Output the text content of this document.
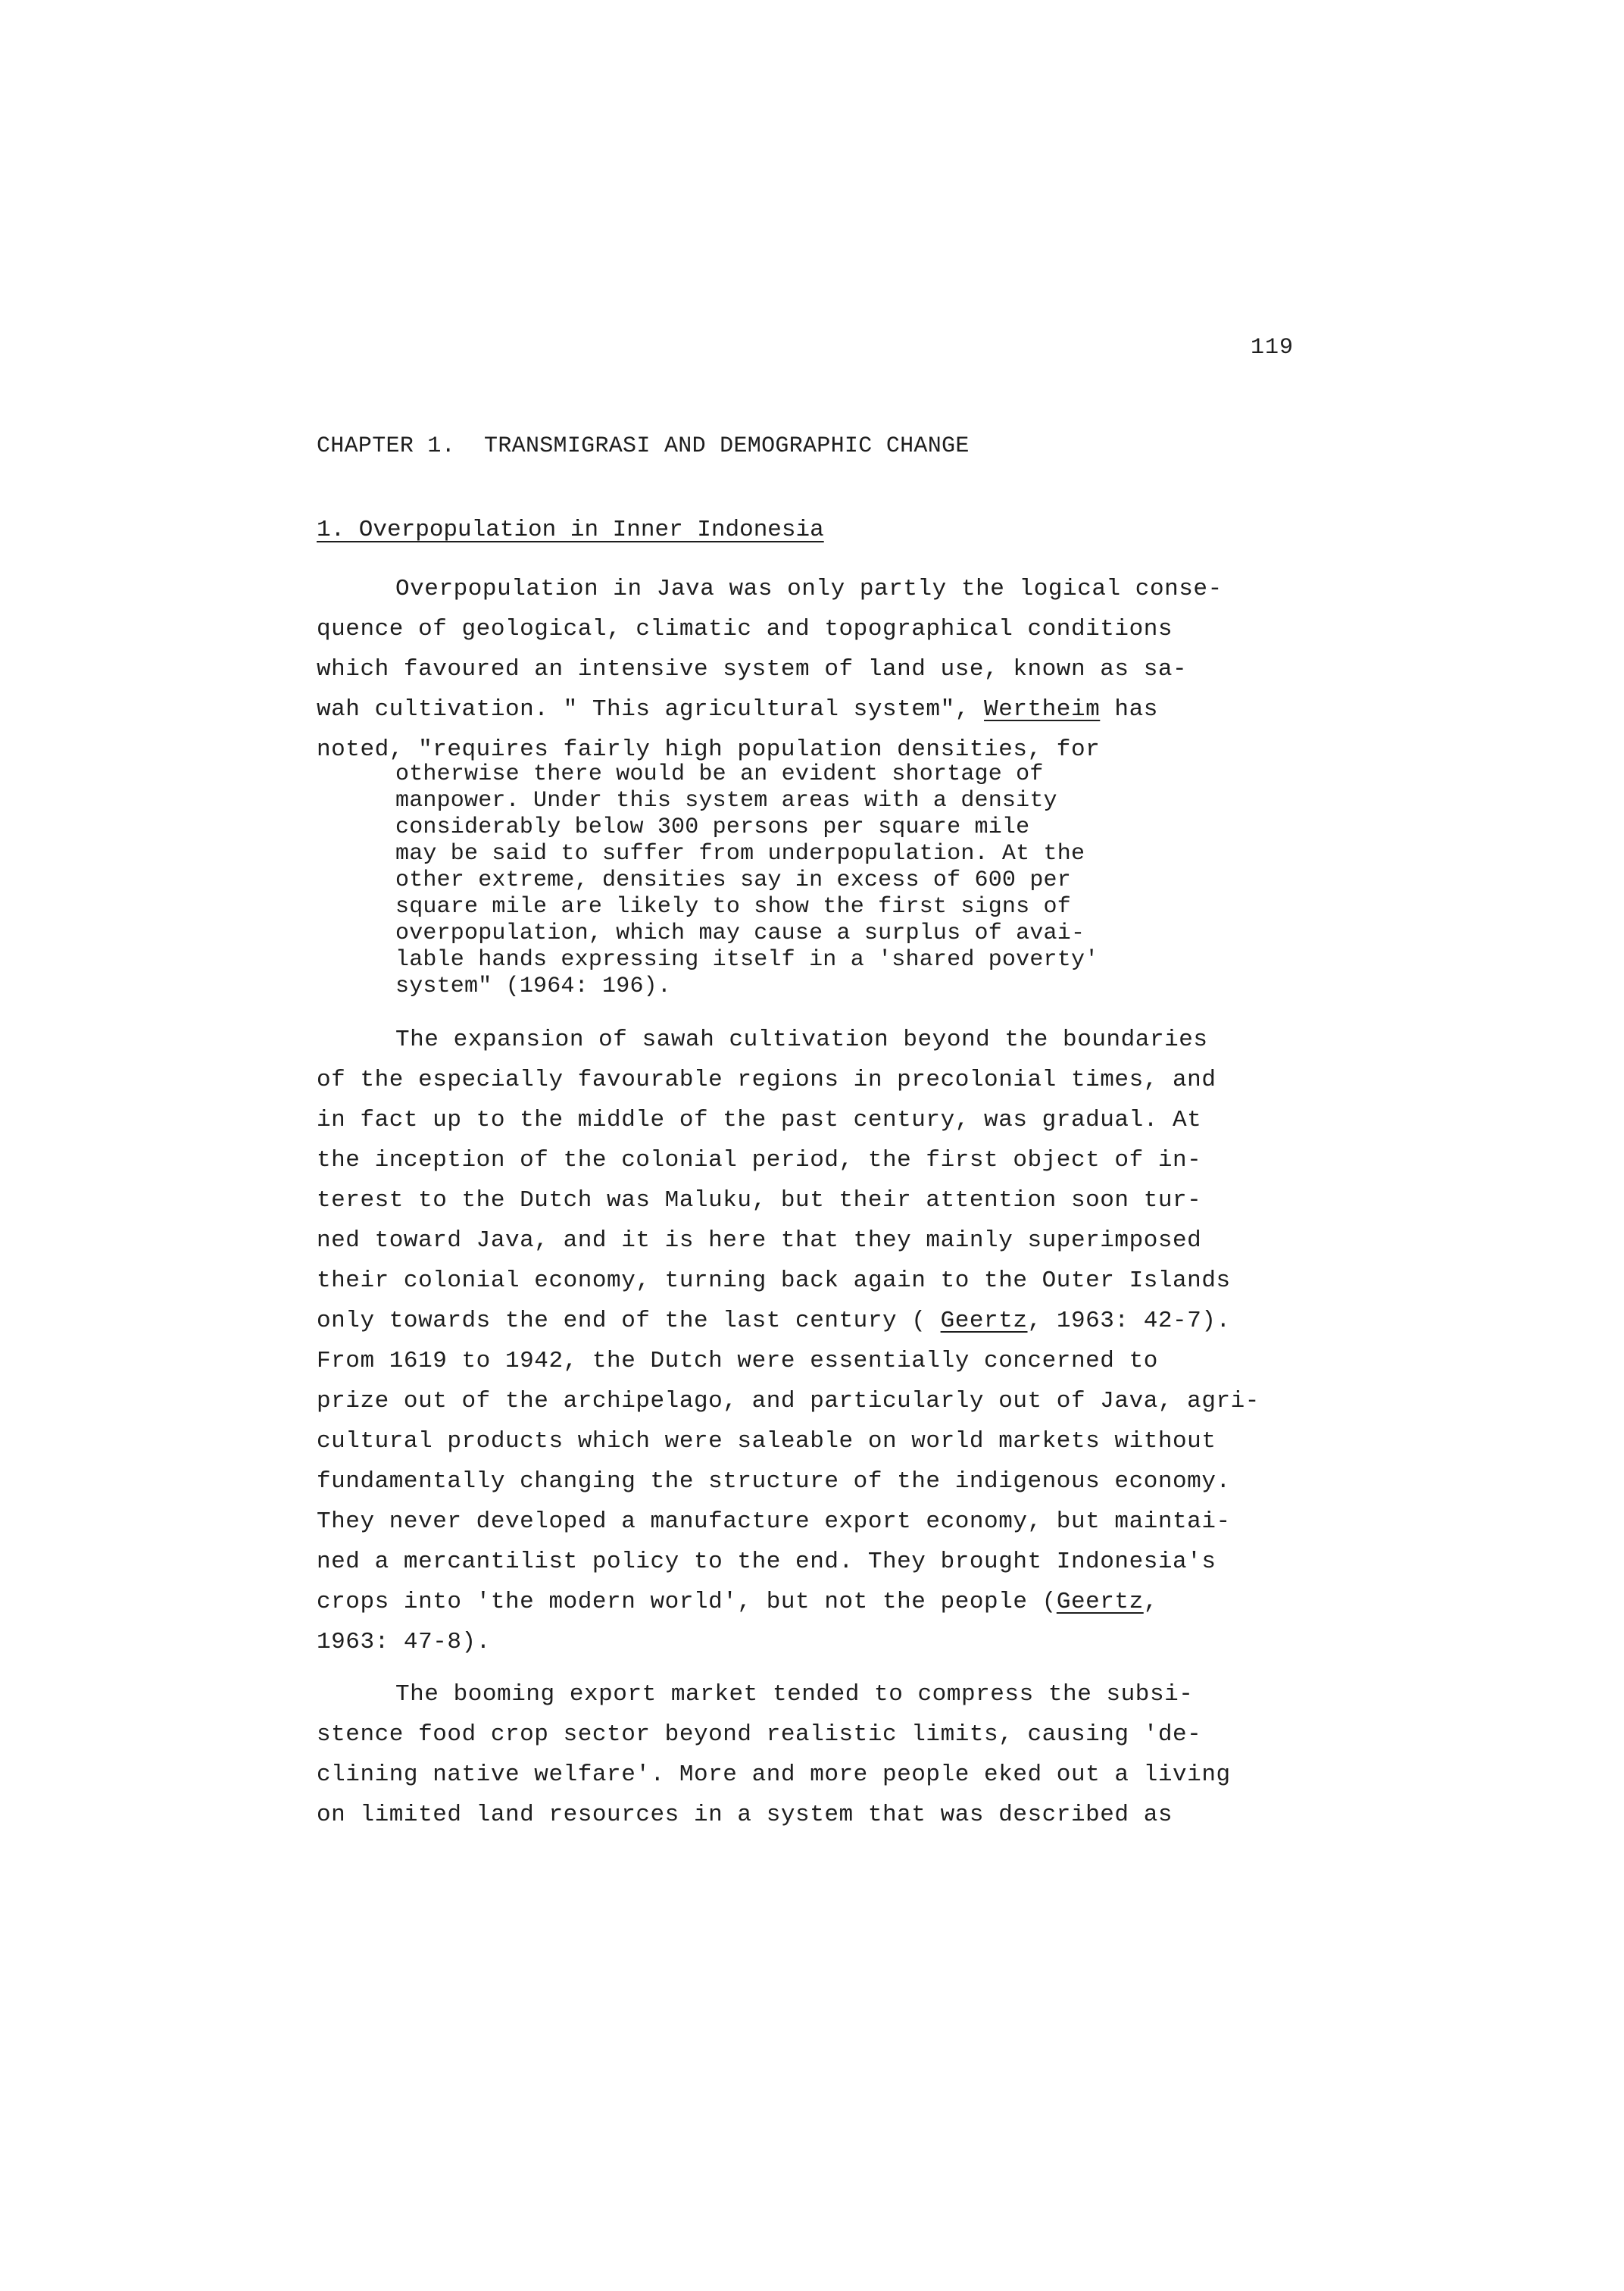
119
CHAPTER 1. TRANSMIGRASI AND DEMOGRAPHIC CHANGE
1. Overpopulation in Inner Indonesia
Overpopulation in Java was only partly the logical conse-
quence of geological, climatic and topographical conditions
which favoured an intensive system of land use, known as sa-
wah cultivation. " This agricultural system", Wertheim has
noted, "requires fairly high population densities, for
otherwise there would be an evident shortage of
manpower. Under this system areas with a density
considerably below 300 persons per square mile
may be said to suffer from underpopulation. At the
other extreme, densities say in excess of 600 per
square mile are likely to show the first signs of
overpopulation, which may cause a surplus of avai-
lable hands expressing itself in a 'shared poverty'
system" (1964: 196).
The expansion of sawah cultivation beyond the boundaries
of the especially favourable regions in precolonial times, and
in fact up to the middle of the past century, was gradual. At
the inception of the colonial period, the first object of in-
terest to the Dutch was Maluku, but their attention soon tur-
ned toward Java, and it is here that they mainly superimposed
their colonial economy, turning back again to the Outer Islands
only towards the end of the last century ( Geertz, 1963: 42-7).
From 1619 to 1942, the Dutch were essentially concerned to
prize out of the archipelago, and particularly out of Java, agri-
cultural products which were saleable on world markets without
fundamentally changing the structure of the indigenous economy.
They never developed a manufacture export economy, but maintai-
ned a mercantilist policy to the end. They brought Indonesia's
crops into 'the modern world', but not the people (Geertz,
1963: 47-8).
The booming export market tended to compress the subsi-
stence food crop sector beyond realistic limits, causing 'de-
clining native welfare'. More and more people eked out a living
on limited land resources in a system that was described as
